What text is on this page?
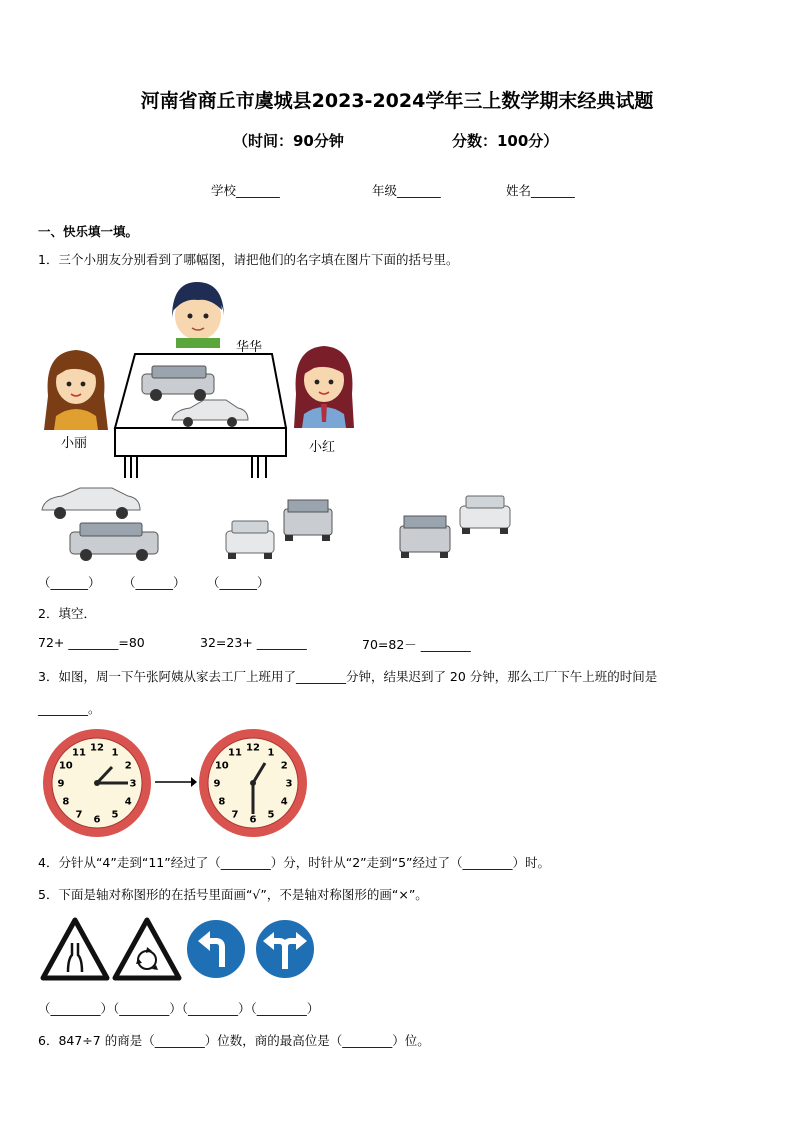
河南省商丘市虞城县2023-2024学年三上数学期末经典试题
（时间：90分钟	分数：100分）
学校_______	年级_______	姓名_______
一、快乐填一填。
1．三个小朋友分别看到了哪幅图，请把他们的名字填在图片下面的括号里。
小丽	小红
华华
（______） （______） （______）
2．填空．
72+ ________=80	32=23+ ________	70=82－ ________
3．如图，周一下午张阿姨从家去工厂上班用了________分钟，结果迟到了 20 分钟，那么工厂下午上班的时间是
________。
12 1
2
3
4
5
6
7
8
9
10
11	12 1
2
3
4
5
6
7
8
9
10
11
4．分针从“4”走到“11”经过了（________）分，时针从“2”走到“5”经过了（________）时。
5．下面是轴对称图形的在括号里面画“√”，不是轴对称图形的画“×”。
（________）（________）（________）（________）
6．847÷7 的商是（________）位数，商的最高位是（________）位。
